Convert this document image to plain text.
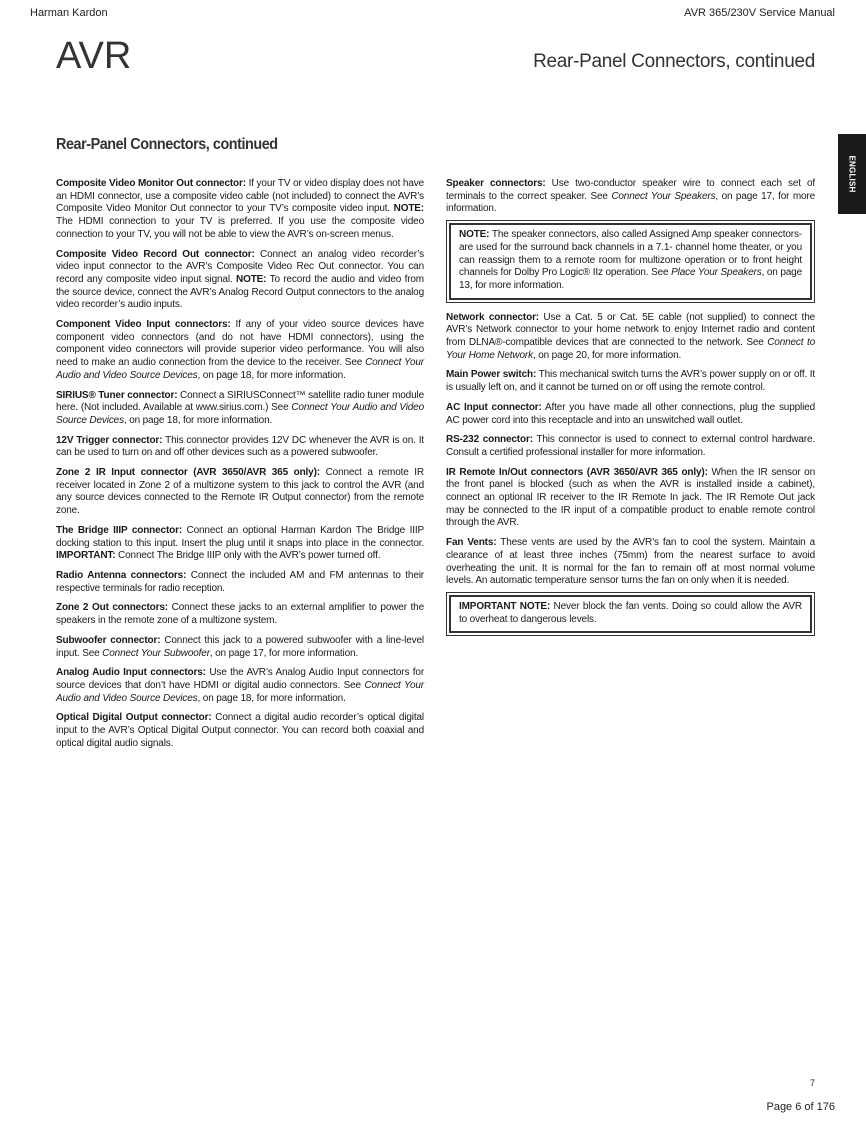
Harman Kardon	AVR 365/230V Service Manual
AVR	Rear-Panel Connectors, continued
ENGLISH
Rear-Panel Connectors, continued

Composite Video Monitor Out connector: If your TV or video display does not have an HDMI connector, use a composite video cable (not included) to connect the AVR’s Composite Video Monitor Out connector to your TV’s composite video input. NOTE: The HDMI connection to your TV is preferred. If you use the composite video connection to your TV, you will not be able to view the AVR’s on-screen menus.

Composite Video Record Out connector: Connect an analog video recorder’s video input connector to the AVR’s Composite Video Rec Out connector. You can record any composite video input signal. NOTE: To record the audio and video from the source device, connect the AVR’s Analog Record Output connectors to the analog video recorder’s audio inputs.

Component Video Input connectors: If any of your video source devices have component video connectors (and do not have HDMI connectors), using the component video connectors will provide superior video performance. You will also need to make an audio connection from the device to the receiver. See Connect Your Audio and Video Source Devices, on page 18, for more information.

SIRIUS® Tuner connector: Connect a SIRIUSConnect™ satellite radio tuner module here. (Not included. Available at www.sirius.com.) See Connect Your Audio and Video Source Devices, on page 18, for more information.

12V Trigger connector: This connector provides 12V DC whenever the AVR is on. It can be used to turn on and off other devices such as a powered subwoofer.

Zone 2 IR Input connector (AVR 3650/AVR 365 only): Connect a remote IR receiver located in Zone 2 of a multizone system to this jack to control the AVR (and any source devices connected to the Remote IR Output connector) from the remote zone.

The Bridge IIIP connector: Connect an optional Harman Kardon The Bridge IIIP docking station to this input. Insert the plug until it snaps into place in the connector. IMPORTANT: Connect The Bridge IIIP only with the AVR’s power turned off.

Radio Antenna connectors: Connect the included AM and FM antennas to their respective terminals for radio reception.

Zone 2 Out connectors: Connect these jacks to an external amplifier to power the speakers in the remote zone of a multizone system.

Subwoofer connector: Connect this jack to a powered subwoofer with a line-level input. See Connect Your Subwoofer, on page 17, for more information.

Analog Audio Input connectors: Use the AVR’s Analog Audio Input connectors for source devices that don’t have HDMI or digital audio connectors. See Connect Your Audio and Video Source Devices, on page 18, for more information.

Optical Digital Output connector: Connect a digital audio recorder’s optical digital input to the AVR’s Optical Digital Output connector. You can record both coaxial and optical digital audio signals.

Speaker connectors: Use two-conductor speaker wire to connect each set of terminals to the correct speaker. See Connect Your Speakers, on page 17, for more information.

NOTE: The speaker connectors, also called Assigned Amp speaker connectors-are used for the surround back channels in a 7.1- channel home theater, or you can reassign them to a remote room for multizone operation or to front height channels for Dolby Pro Logic® IIz operation. See Place Your Speakers, on page 13, for more information.

Network connector: Use a Cat. 5 or Cat. 5E cable (not supplied) to connect the AVR’s Network connector to your home network to enjoy Internet radio and content from DLNA®-compatible devices that are connected to the network. See Connect to Your Home Network, on page 20, for more information.

Main Power switch: This mechanical switch turns the AVR’s power supply on or off. It is usually left on, and it cannot be turned on or off using the remote control.

AC Input connector: After you have made all other connections, plug the supplied AC power cord into this receptacle and into an unswitched wall outlet.

RS-232 connector: This connector is used to connect to external control hardware. Consult a certified professional installer for more information.

IR Remote In/Out connectors (AVR 3650/AVR 365 only): When the IR sensor on the front panel is blocked (such as when the AVR is installed inside a cabinet), connect an optional IR receiver to the IR Remote In jack. The IR Remote Out jack may be connected to the IR input of a compatible product to enable remote control through the AVR.

Fan Vents: These vents are used by the AVR’s fan to cool the system. Maintain a clearance of at least three inches (75mm) from the nearest surface to avoid overheating the unit. It is normal for the fan to remain off at most normal volume levels. An automatic temperature sensor turns the fan on only when it is needed.

IMPORTANT NOTE: Never block the fan vents. Doing so could allow the AVR to overheat to dangerous levels.
7
Page 6 of 176
